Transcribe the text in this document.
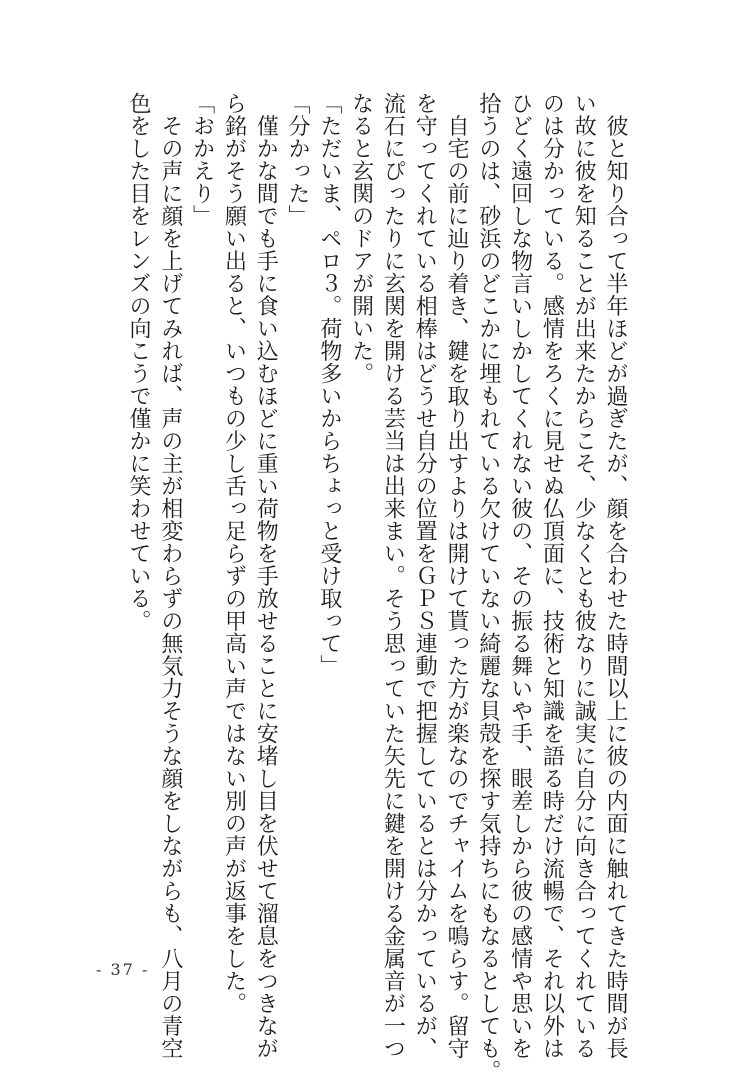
　彼と知り合って半年ほどが過ぎたが、顔を合わせた時間以上に彼の内面に触れてきた時間が長
い故に彼を知ることが出来たからこそ、少なくとも彼なりに誠実に自分に向き合ってくれている
のは分かっている。感情をろくに見せぬ仏頂面に、技術と知識を語る時だけ流暢で、それ以外は
ひどく遠回しな物言いしかしてくれない彼の、その振る舞いや手、眼差しから彼の感情や思いを
拾うのは、砂浜のどこかに埋もれている欠けていない綺麗な貝殻を探す気持ちにもなるとしても。
　自宅の前に辿り着き、鍵を取り出すよりは開けて貰った方が楽なのでチャイムを鳴らす。留守
を守ってくれている相棒はどうせ自分の位置をＧＰＳ連動で把握しているとは分かっているが、
流石にぴったりに玄関を開ける芸当は出来まい。そう思っていた矢先に鍵を開ける金属音が一つ
なると玄関のドアが開いた。
「ただいま、ペロ３。荷物多いからちょっと受け取って」
「分かった」
　僅かな間でも手に食い込むほどに重い荷物を手放せることに安堵し目を伏せて溜息をつきなが
ら銘がそう願い出ると、いつもの少し舌っ足らずの甲高い声ではない別の声が返事をした。
「おかえり」
　その声に顔を上げてみれば、声の主が相変わらずの無気力そうな顔をしながらも、八月の青空
色をした目をレンズの向こうで僅かに笑わせている。
- 37 -
